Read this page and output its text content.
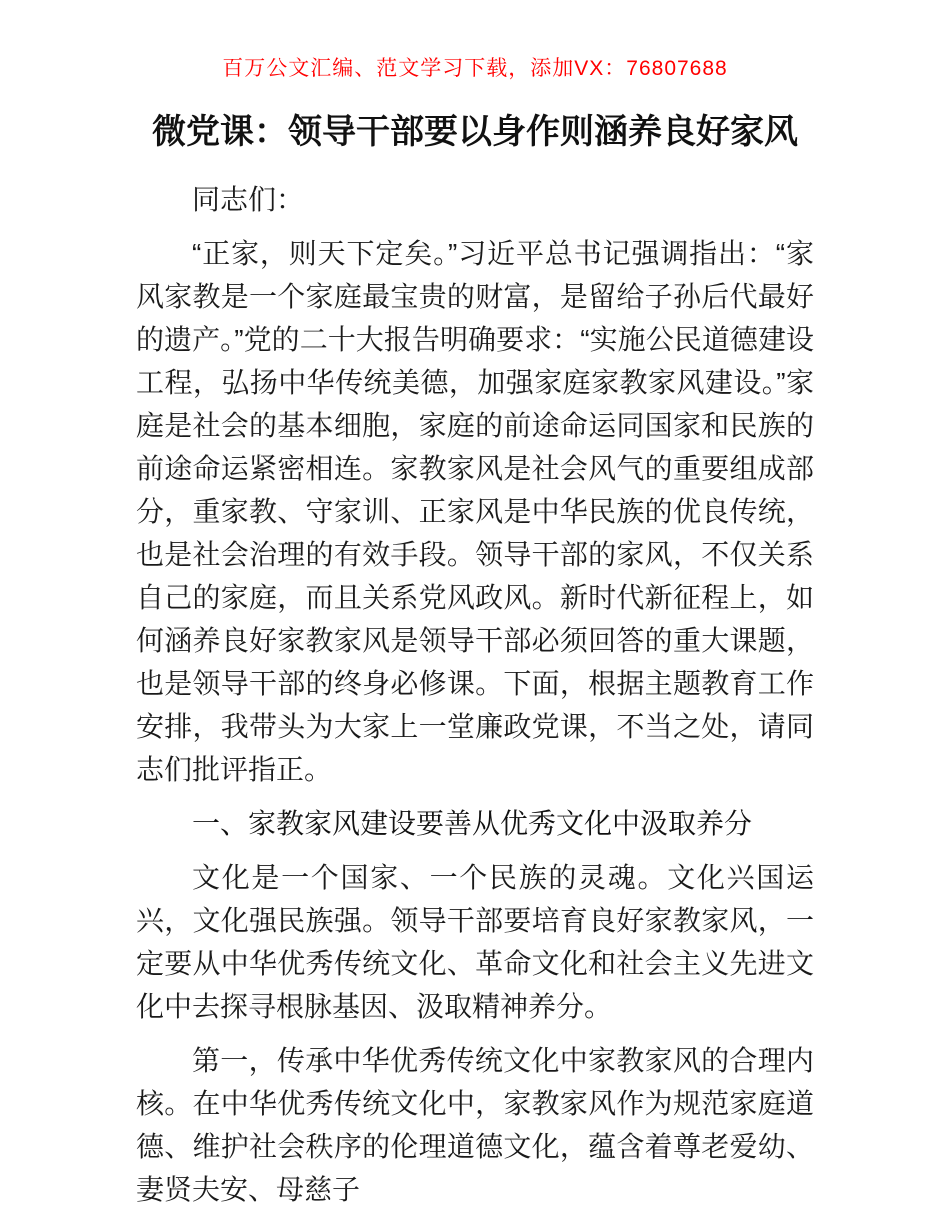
百万公文汇编、范文学习下载，添加VX：76807688
微党课：领导干部要以身作则涵养良好家风

同志们：

“正家，则天下定矣。”习近平总书记强调指出：“家风家教是一个家庭最宝贵的财富，是留给子孙后代最好的遗产。”党的二十大报告明确要求：“实施公民道德建设工程，弘扬中华传统美德，加强家庭家教家风建设。”家庭是社会的基本细胞，家庭的前途命运同国家和民族的前途命运紧密相连。家教家风是社会风气的重要组成部分，重家教、守家训、正家风是中华民族的优良传统，也是社会治理的有效手段。领导干部的家风，不仅关系自己的家庭，而且关系党风政风。新时代新征程上，如何涵养良好家教家风是领导干部必须回答的重大课题，也是领导干部的终身必修课。下面，根据主题教育工作安排，我带头为大家上一堂廉政党课，不当之处，请同志们批评指正。

一、家教家风建设要善从优秀文化中汲取养分

文化是一个国家、一个民族的灵魂。文化兴国运兴，文化强民族强。领导干部要培育良好家教家风，一定要从中华优秀传统文化、革命文化和社会主义先进文化中去探寻根脉基因、汲取精神养分。

第一，传承中华优秀传统文化中家教家风的合理内核。在中华优秀传统文化中，家教家风作为规范家庭道德、维护社会秩序的伦理道德文化，蕴含着尊老爱幼、妻贤夫安、母慈子
